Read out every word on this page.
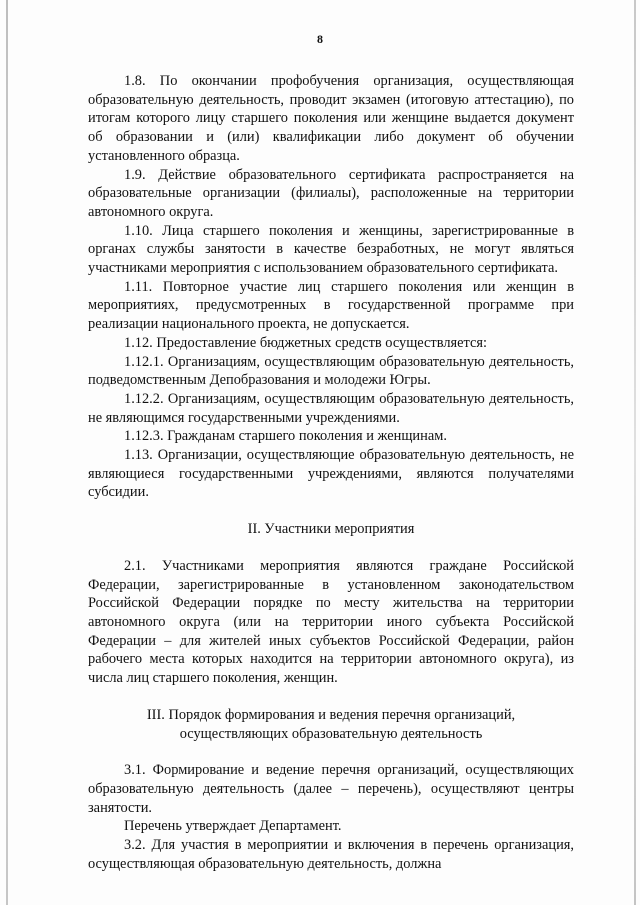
8

1.8. По окончании профобучения организация, осуществляющая образовательную деятельность, проводит экзамен (итоговую аттестацию), по итогам которого лицу старшего поколения или женщине выдается документ об образовании и (или) квалификации либо документ об обучении установленного образца.

1.9. Действие образовательного сертификата распространяется на образовательные организации (филиалы), расположенные на территории автономного округа.

1.10. Лица старшего поколения и женщины, зарегистрированные в органах службы занятости в качестве безработных, не могут являться участниками мероприятия с использованием образовательного сертификата.

1.11. Повторное участие лиц старшего поколения или женщин в мероприятиях, предусмотренных в государственной программе при реализации национального проекта, не допускается.

1.12. Предоставление бюджетных средств осуществляется:

1.12.1. Организациям, осуществляющим образовательную деятельность, подведомственным Депобразования и молодежи Югры.

1.12.2. Организациям, осуществляющим образовательную деятельность, не являющимся государственными учреждениями.

1.12.3. Гражданам старшего поколения и женщинам.

1.13. Организации, осуществляющие образовательную деятельность, не являющиеся государственными учреждениями, являются получателями субсидии.

II. Участники мероприятия

2.1. Участниками мероприятия являются граждане Российской Федерации, зарегистрированные в установленном законодательством Российской Федерации порядке по месту жительства на территории автономного округа (или на территории иного субъекта Российской Федерации – для жителей иных субъектов Российской Федерации, район рабочего места которых находится на территории автономного округа), из числа лиц старшего поколения, женщин.

III. Порядок формирования и ведения перечня организаций,

осуществляющих образовательную деятельность

3.1. Формирование и ведение перечня организаций, осуществляющих образовательную деятельность (далее – перечень), осуществляют центры занятости.

Перечень утверждает Департамент.

3.2. Для участия в мероприятии и включения в перечень организация, осуществляющая образовательную деятельность, должна
